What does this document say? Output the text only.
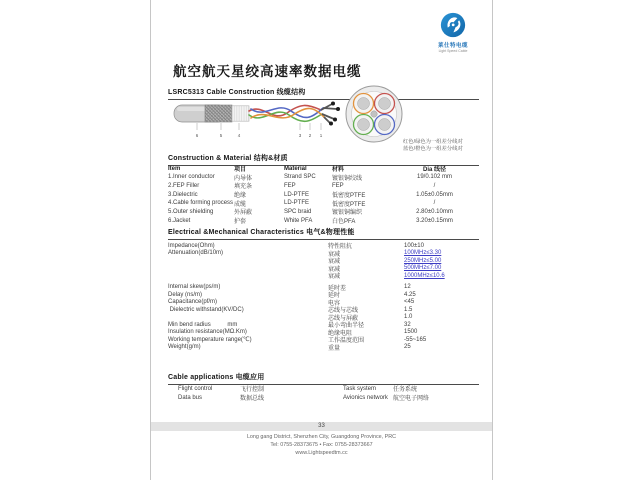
莱仕特电缆
Light Speed Cable
航空航天星绞高速率数据电缆
LSRC5313 Cable Construction 线缆结构
6	5	4	3 2 1
红色/绿色为一组差分线对
蓝色/橙色为一组差分线对
Construction & Material 结构&材质
Item	项目	Material	材料	Dia 线径
1.Inner conductor	内导体	Strand SPC	镀银铜绞线	19/0.102 mm
2.FEP Filler	填充条	FEP	FEP	/
3.Dielectric	绝缘	LD-PTFE	低密度PTFE	1.05±0.05mm
4.Cable forming process 成缆	LD-PTFE	低密度PTFE	/
5.Outer shielding	外屏蔽	SPC braid	镀银铜编织	2.80±0.10mm
6.Jacket	护套	White PFA	白色PFA	3.20±0.15mm
Electrical &Mechanical Characteristics 电气&物理性能
Impedance(Ohm)	特性阻抗	100±10
Attenuation(dB/10m)	衰减	100MHz≤3.30
衰减	250MHz≤5.00
衰减	500MHz≤7.00
衰减	1000MHz≤10.6
Internal skew(ps/m)	延时差	12
Delay (ns/m)	延时	4.25
Capacitance(pf/m)	电容	<45
Dielectric withstand(KV/DC)	芯线与芯线	1.5
芯线与屏蔽	1.0
Min bend radius          mm	最小弯曲半径	32
Insulation resistance(MΩ.Km)	绝缘电阻	1500
Working temperature range(℃)	工作温度范围	-55~165
Weight(g/m)	重量	25
Cable applications 电缆应用
Flight control	飞行控制	Task system	任务系统
Data bus	数据总线	Avionics network 航空电子网络
33
Long gang District, Shenzhen City, Guangdong Province, PRC
Tel: 0755-28373675 • Fax: 0755-28373667
www.Lightspeedtm.cc
